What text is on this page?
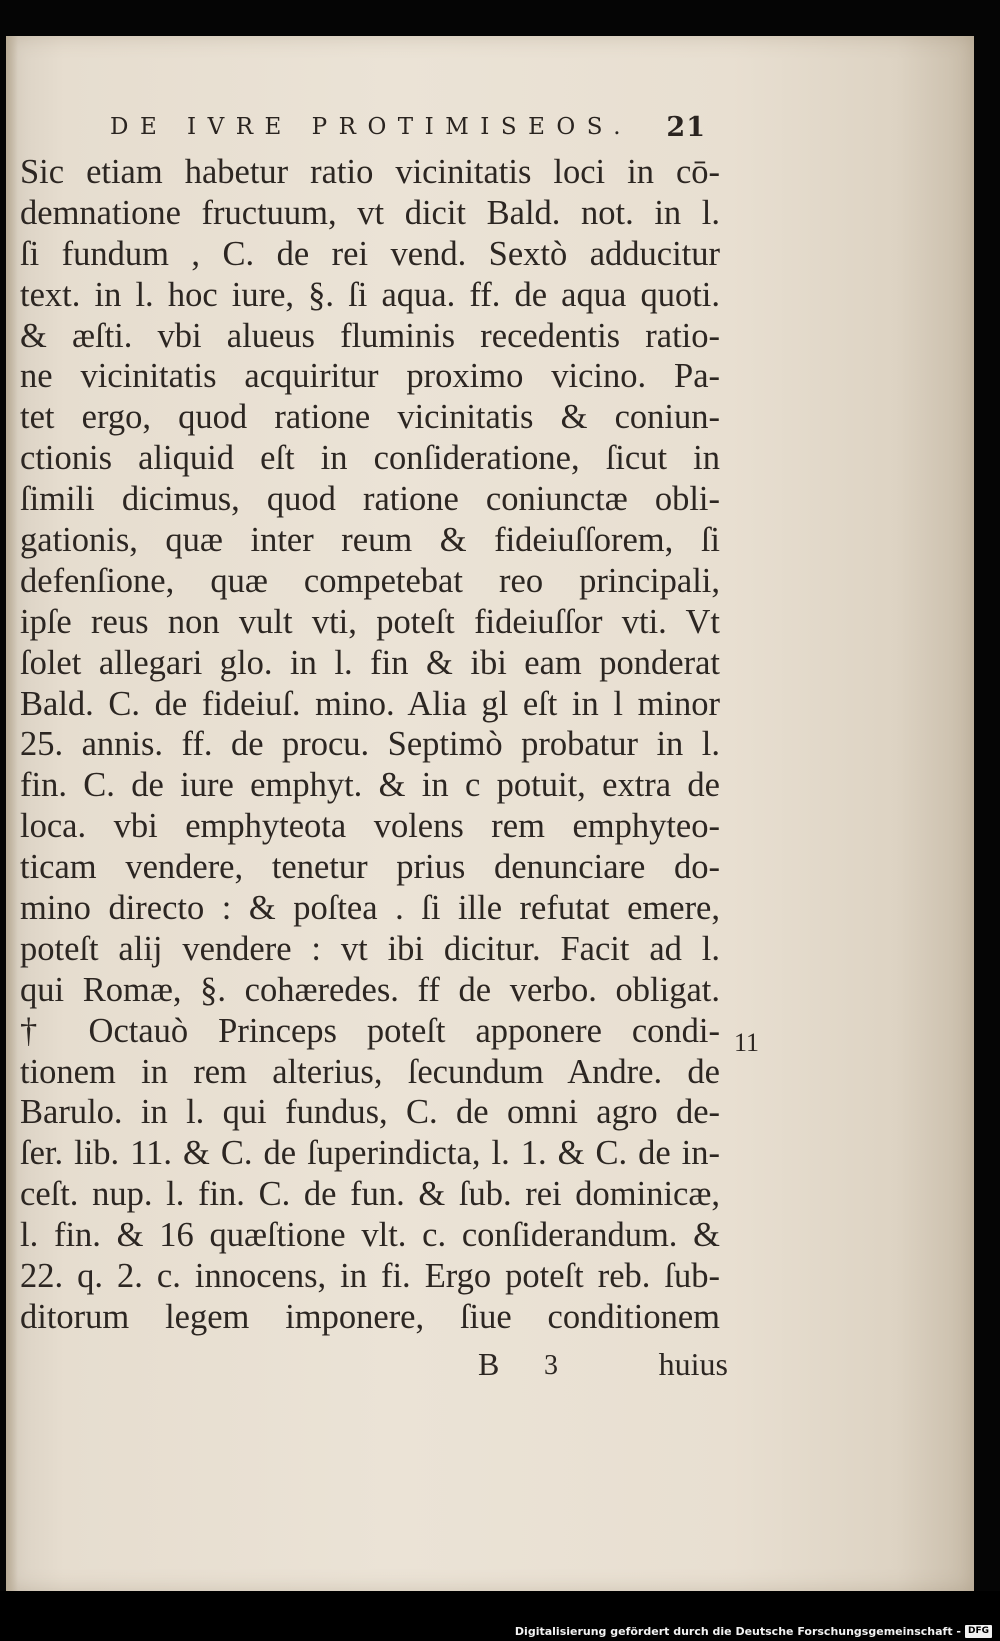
DE IVRE PROTIMISEOS. 21
Sic etiam habetur ratio vicinitatis loci in cō-
demnatione fructuum, vt dicit Bald. not. in l.
ſi fundum , C. de rei vend. Sextò adducitur
text. in l. hoc iure, §. ſi aqua. ff. de aqua quoti.
& æſti. vbi alueus fluminis recedentis ratio-
ne vicinitatis acquiritur proximo vicino. Pa-
tet ergo, quod ratione vicinitatis & coniun-
ctionis aliquid eſt in conſideratione, ſicut in
ſimili dicimus, quod ratione coniunctæ obli-
gationis, quæ inter reum & fideiuſſorem, ſi
defenſione, quæ competebat reo principali,
ipſe reus non vult vti, poteſt fideiuſſor vti. Vt
ſolet allegari glo. in l. fin & ibi eam ponderat
Bald. C. de fideiuſ. mino. Alia gl eſt in l minor
25. annis. ff. de procu. Septimò probatur in l.
fin. C. de iure emphyt. & in c potuit, extra de
loca. vbi emphyteota volens rem emphyteo-
ticam vendere, tenetur prius denunciare do-
mino directo : & poſtea . ſi ille refutat emere,
poteſt alij vendere : vt ibi dicitur. Facit ad l.
qui Romæ, §. cohæredes. ff de verbo. obligat.
† Octauò Princeps poteſt apponere condi-
tionem in rem alterius, ſecundum Andre. de
Barulo. in l. qui fundus, C. de omni agro de-
ſer. lib. 11. & C. de ſuperindicta, l. 1. & C. de in-
ceſt. nup. l. fin. C. de fun. & ſub. rei dominicæ,
l. fin. & 16 quæſtione vlt. c. conſiderandum. &
22. q. 2. c. innocens, in fi. Ergo poteſt reb. ſub-
ditorum legem imponere, ſiue conditionem
11
B 3	huius
Digitalisierung gefördert durch die Deutsche Forschungsgemeinschaft - DFG
